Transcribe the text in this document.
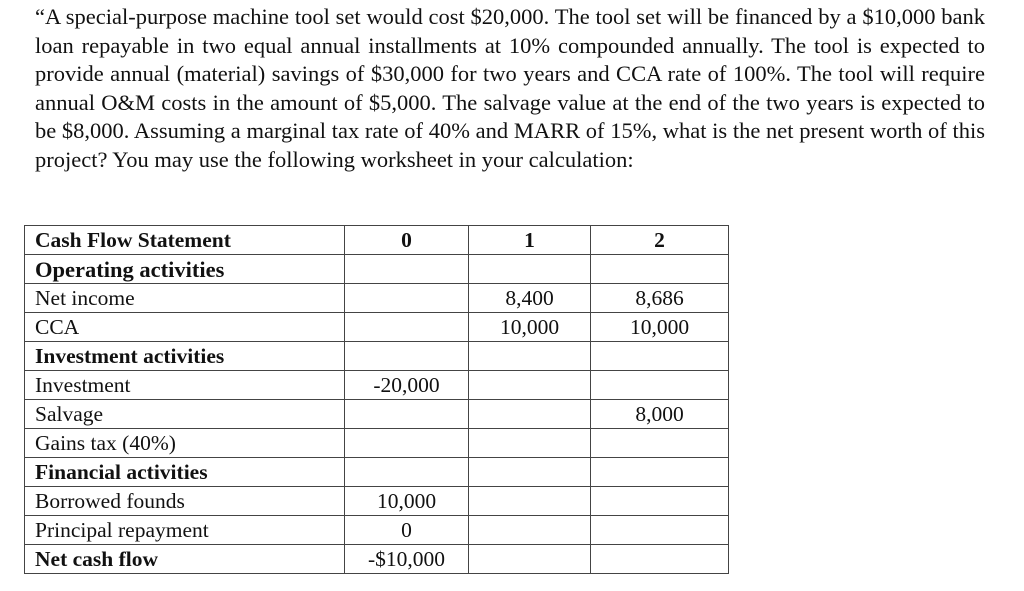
“A special-purpose machine tool set would cost $20,000. The tool set will be financed by a $10,000 bank loan repayable in two equal annual installments at 10% compounded annually. The tool is expected to provide annual (material) savings of $30,000 for two years and CCA rate of 100%. The tool will require annual O&M costs in the amount of $5,000. The salvage value at the end of the two years is expected to be $8,000. Assuming a marginal tax rate of 40% and MARR of 15%, what is the net present worth of this project? You may use the following worksheet in your calculation:
Cash Flow Statement	0	1	2
Operating activities			
Net income		8,400	8,686
CCA		10,000	10,000
Investment activities			
Investment	-20,000		
Salvage			8,000
Gains tax (40%)			
Financial activities			
Borrowed founds	10,000		
Principal repayment	0		
Net cash flow	-$10,000		
